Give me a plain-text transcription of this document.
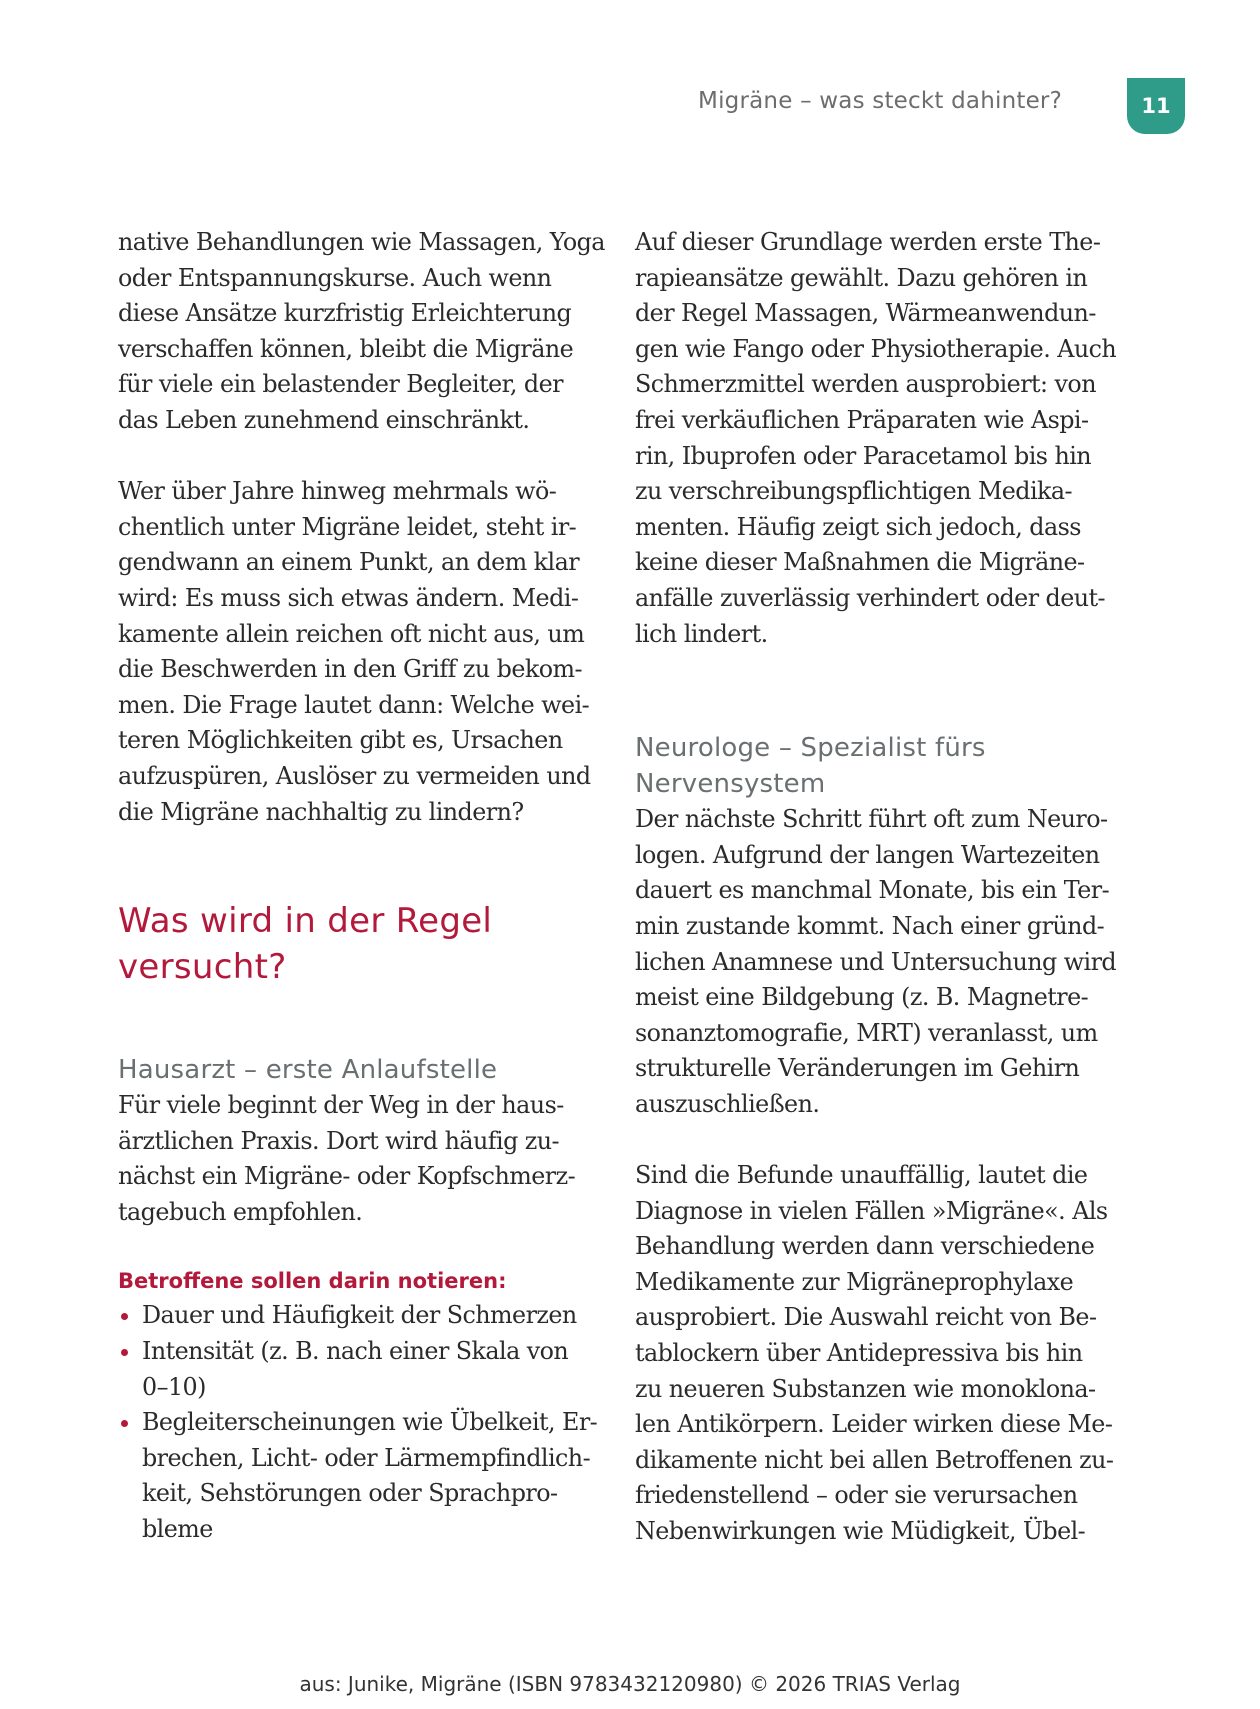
Migräne – was steckt dahinter?	11

native Behandlungen wie Massagen, Yoga
oder Entspannungskurse. Auch wenn
diese Ansätze kurzfristig Erleichterung
verschaffen können, bleibt die Migräne
für viele ein belastender Begleiter, der
das Leben zunehmend einschränkt.

Wer über Jahre hinweg mehrmals wö-
chentlich unter Migräne leidet, steht ir-
gendwann an einem Punkt, an dem klar
wird: Es muss sich etwas ändern. Medi-
kamente allein reichen oft nicht aus, um
die Beschwerden in den Griff zu bekom-
men. Die Frage lautet dann: Welche wei-
teren Möglichkeiten gibt es, Ursachen
aufzuspüren, Auslöser zu vermeiden und
die Migräne nachhaltig zu lindern?

Was wird in der Regel
versucht?
Hausarzt – erste Anlaufstelle

Für viele beginnt der Weg in der haus-
ärztlichen Praxis. Dort wird häufig zu-
nächst ein Migräne- oder Kopfschmerz-
tagebuch empfohlen.

Betroffene sollen darin notieren:
Dauer und Häufigkeit der Schmerzen
Intensität (z. B. nach einer Skala von
0–10)
Begleiterscheinungen wie Übelkeit, Er-
brechen, Licht- oder Lärmempfindlich-
keit, Sehstörungen oder Sprachpro-
bleme

Auf dieser Grundlage werden erste The-
rapieansätze gewählt. Dazu gehören in
der Regel Massagen, Wärmeanwendun-
gen wie Fango oder Physiotherapie. Auch
Schmerzmittel werden ausprobiert: von
frei verkäuflichen Präparaten wie Aspi-
rin, Ibuprofen oder Paracetamol bis hin
zu verschreibungspflichtigen Medika-
menten. Häufig zeigt sich jedoch, dass
keine dieser Maßnahmen die Migräne-
anfälle zuverlässig verhindert oder deut-
lich lindert.

Neurologe – Spezialist fürs
Nervensystem

Der nächste Schritt führt oft zum Neuro-
logen. Aufgrund der langen Wartezeiten
dauert es manchmal Monate, bis ein Ter-
min zustande kommt. Nach einer gründ-
lichen Anamnese und Untersuchung wird
meist eine Bildgebung (z. B. Magnetre-
sonanztomografie, MRT) veranlasst, um
strukturelle Veränderungen im Gehirn
auszuschließen.

Sind die Befunde unauffällig, lautet die
Diagnose in vielen Fällen »Migräne«. Als
Behandlung werden dann verschiedene
Medikamente zur Migräneprophylaxe
ausprobiert. Die Auswahl reicht von Be-
tablockern über Antidepressiva bis hin
zu neueren Substanzen wie monoklona-
len Antikörpern. Leider wirken diese Me-
dikamente nicht bei allen Betroffenen zu-
friedenstellend – oder sie verursachen
Nebenwirkungen wie Müdigkeit, Übel-

aus: Junike, Migräne (ISBN 9783432120980) © 2026 TRIAS Verlag
